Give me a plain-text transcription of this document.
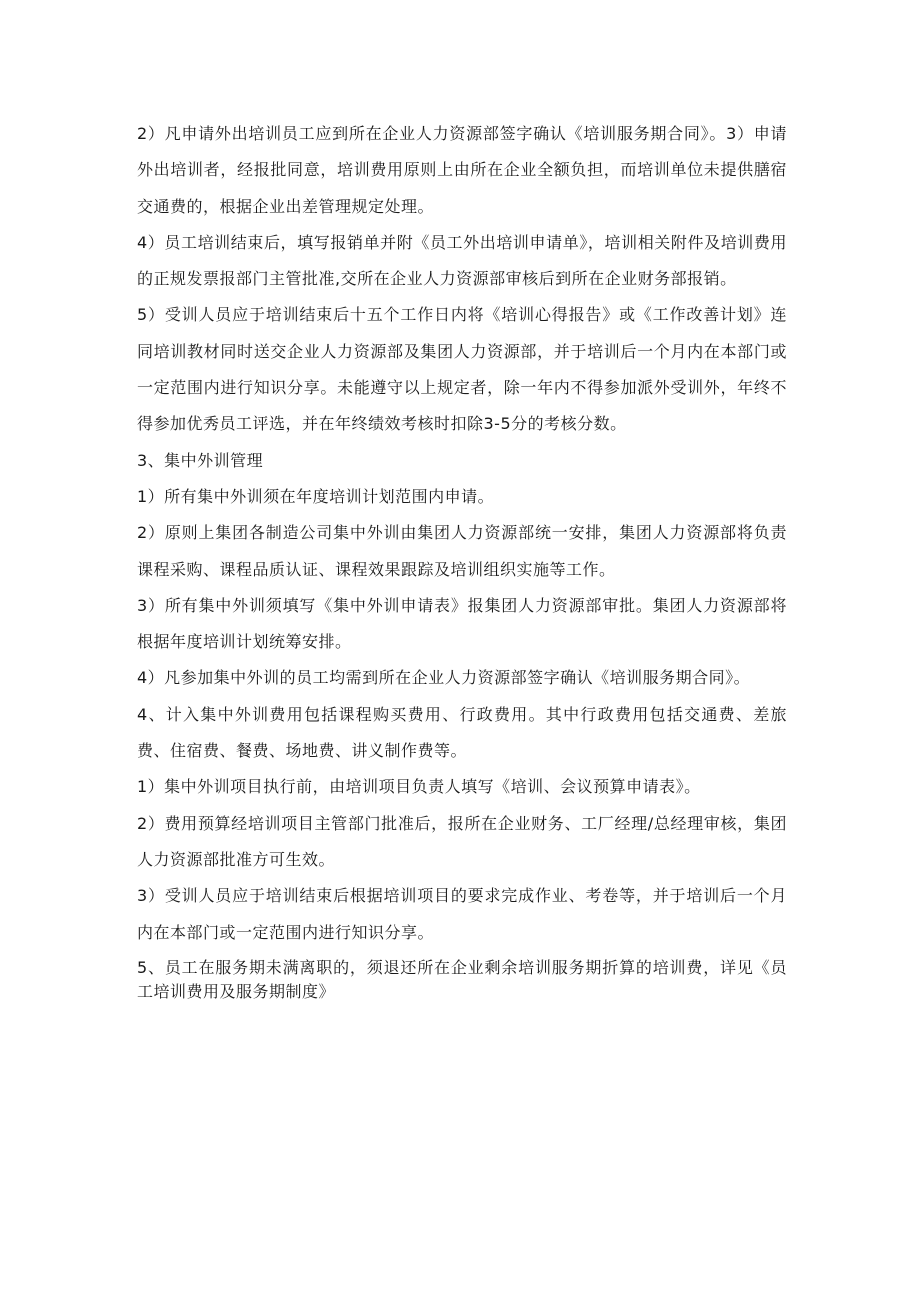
2）凡申请外出培训员工应到所在企业人力资源部签字确认《培训服务期合同》。3）申请外出培训者，经报批同意，培训费用原则上由所在企业全额负担，而培训单位未提供膳宿交通费的，根据企业出差管理规定处理。

4）员工培训结束后，填写报销单并附《员工外出培训申请单》，培训相关附件及培训费用的正规发票报部门主管批准,交所在企业人力资源部审核后到所在企业财务部报销。

5）受训人员应于培训结束后十五个工作日内将《培训心得报告》或《工作改善计划》连同培训教材同时送交企业人力资源部及集团人力资源部，并于培训后一个月内在本部门或一定范围内进行知识分享。未能遵守以上规定者，除一年内不得参加派外受训外，年终不得参加优秀员工评选，并在年终绩效考核时扣除3-5分的考核分数。

3、集中外训管理

1）所有集中外训须在年度培训计划范围内申请。

2）原则上集团各制造公司集中外训由集团人力资源部统一安排，集团人力资源部将负责课程采购、课程品质认证、课程效果跟踪及培训组织实施等工作。

3）所有集中外训须填写《集中外训申请表》报集团人力资源部审批。集团人力资源部将根据年度培训计划统筹安排。

4）凡参加集中外训的员工均需到所在企业人力资源部签字确认《培训服务期合同》。

4、计入集中外训费用包括课程购买费用、行政费用。其中行政费用包括交通费、差旅费、住宿费、餐费、场地费、讲义制作费等。

1）集中外训项目执行前，由培训项目负责人填写《培训、会议预算申请表》。

2）费用预算经培训项目主管部门批准后，报所在企业财务、工厂经理/总经理审核，集团人力资源部批准方可生效。

3）受训人员应于培训结束后根据培训项目的要求完成作业、考卷等，并于培训后一个月内在本部门或一定范围内进行知识分享。

5、员工在服务期未满离职的，须退还所在企业剩余培训服务期折算的培训费，详见《员工培训费用及服务期制度》
